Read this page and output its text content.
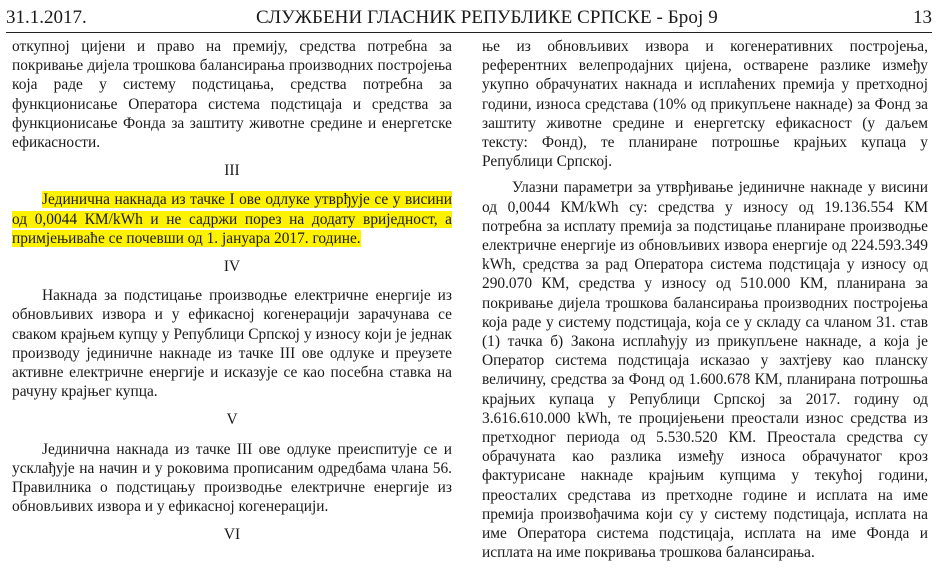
31.1.2017.	СЛУЖБЕНИ ГЛАСНИК РЕПУБЛИКЕ СРПСКЕ - Број 9	13

откупној цијени и право на премију, средства потребна за покривање дијела трошкова балансирања производних постројења која раде у систему подстицања, средства потребна за функционисање Оператора система подстицаја и средства за функционисање Фонда за заштиту животне средине и енергетске ефикасности.

III

Јединична накнада из тачке I ове одлуке утврђује се у висини од 0,0044 КМ/kWh и не садржи порез на додату вриједност, а примјењиваће се почевши од 1. јануара 2017. године.

IV

Накнада за подстицање производње електричне енергије из обновљивих извора и у ефикасној когенерацији зарачунава се сваком крајњем купцу у Републици Српској у износу који је једнак производу јединичне накнаде из тачке III ове одлуке и преузете активне електричне енергије и исказује се као посебна ставка на рачуну крајњег купца.

V

Јединична накнада из тачке III ове одлуке преиспитује се и усклађује на начин и у роковима прописаним одредбама члана 56. Правилника о подстицању производње електричне енергије из обновљивих извора и у ефикасној когенерацији.

VI

ње из обновљивих извора и когенеративних постројења, референтних велепродајних цијена, остварене разлике између укупно обрачунатих накнада и исплаћених премија у претходној години, износа средстава (10% од прикупљене накнаде) за Фонд за заштиту животне средине и енергетску ефикасност (у даљем тексту: Фонд), те планиране потрошње крајњих купаца у Републици Српској.

Улазни параметри за утврђивање јединичне накнаде у висини од 0,0044 КМ/kWh су: средства у износу од 19.136.554 КМ потребна за исплату премија за подстицање планиране производње електричне енергије из обновљивих извора енергије од 224.593.349 kWh, средства за рад Оператора система подстицаја у износу од 290.070 КМ, средства у износу од 510.000 КМ, планирана за покривање дијела трошкова балансирања производних постројења која раде у систему подстицаја, која се у складу са чланом 31. став (1) тачка б) Закона исплаћују из прикупљене накнаде, а која је Оператор система подстицаја исказао у захтјеву као планску величину, средства за Фонд од 1.600.678 КМ, планирана потрошња крајњих купаца у Републици Српској за 2017. годину од 3.616.610.000 kWh, те процијењени преостали износ средства из претходног периода од 5.530.520 КМ. Преостала средства су обрачуната као разлика између износа обрачунатог кроз фактурисане накнаде крајњим купцима у текућој години, преосталих средстава из претходне године и исплата на име премија произвођачима који су у систему подстицаја, исплата на име Оператора система подстицаја, исплата на име Фонда и исплата на име покривања трошкова балансирања.
